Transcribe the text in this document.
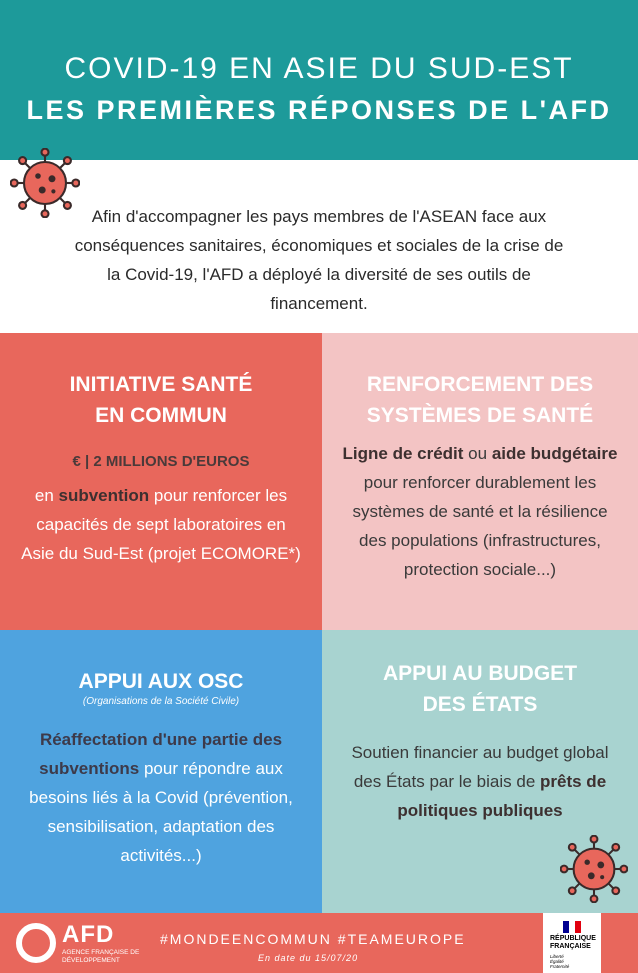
COVID-19 EN ASIE DU SUD-EST
LES PREMIÈRES RÉPONSES DE L'AFD

Afin d'accompagner les pays membres de l'ASEAN face aux conséquences sanitaires, économiques et sociales de la crise de la Covid-19, l'AFD a déployé la diversité de ses outils de financement.

INITIATIVE SANTÉ
EN COMMUN
€ | 2 MILLIONS D'EUROS
en subvention pour renforcer les capacités de sept laboratoires en Asie du Sud-Est (projet ECOMORE*)
RENFORCEMENT DES
SYSTÈMES DE SANTÉ
Ligne de crédit ou aide budgétaire pour renforcer durablement les systèmes de santé et la résilience des populations (infrastructures, protection sociale...)
APPUI AUX OSC
(Organisations de la Société Civile)
Réaffectation d'une partie des subventions pour répondre aux besoins liés à la Covid (prévention, sensibilisation, adaptation des activités...)
APPUI AU BUDGET
DES ÉTATS
Soutien financier au budget global des États par le biais de prêts de politiques publiques
AFD
AGENCE FRANÇAISE DE DÉVELOPPEMENT
#MONDEENCOMMUN #TEAMEUROPE
En date du 15/07/20
RÉPUBLIQUE
FRANÇAISE
Liberté
Égalité
Fraternité
